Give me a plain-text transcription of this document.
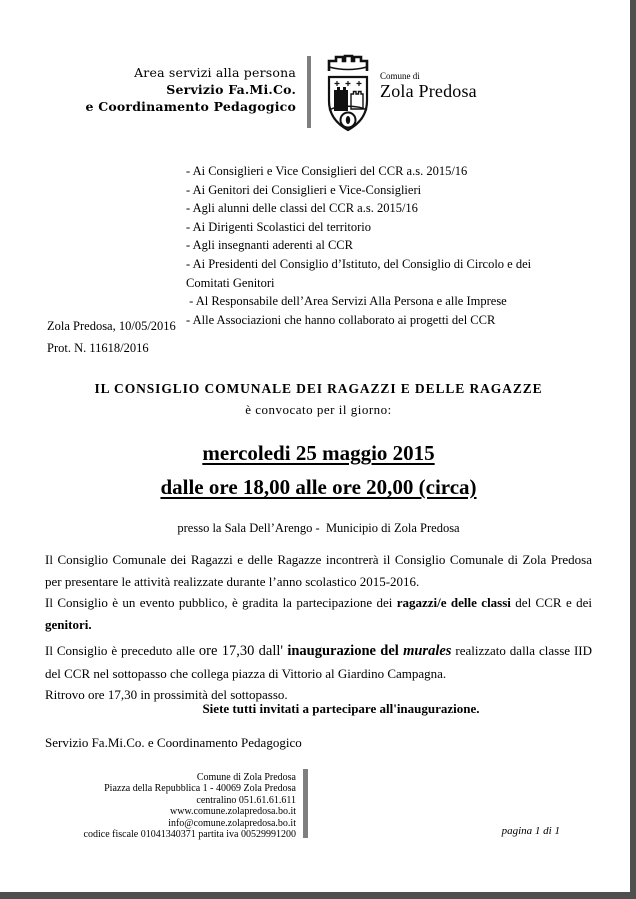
Area servizi alla persona
Servizio Fa.Mi.Co.
e Coordinamento Pedagogico
Comune di
Zola Predosa
- Ai Consiglieri e Vice Consiglieri del CCR a.s. 2015/16
- Ai Genitori dei Consiglieri e Vice-Consiglieri
- Agli alunni delle classi del CCR a.s. 2015/16
- Ai Dirigenti Scolastici del territorio
- Agli insegnanti aderenti al CCR
- Ai Presidenti del Consiglio d’Istituto, del Consiglio di Circolo e dei
Comitati Genitori
- Al Responsabile dell’Area Servizi Alla Persona e alle Imprese
- Alle Associazioni che hanno collaborato ai progetti del CCR
Zola Predosa, 10/05/2016
Prot. N. 11618/2016
IL CONSIGLIO COMUNALE DEI RAGAZZI E DELLE RAGAZZE
è convocato per il giorno:
mercoledi 25 maggio 2015
dalle ore 18,00 alle ore 20,00 (circa)
presso la Sala Dell’Arengo -  Municipio di Zola Predosa
Il Consiglio Comunale dei Ragazzi e delle Ragazze incontrerà il Consiglio Comunale di Zola Predosa per presentare le attività realizzate durante l’anno scolastico 2015-2016.
Il Consiglio è un evento pubblico, è gradita la partecipazione dei ragazzi/e delle classi del CCR e dei genitori.
Il Consiglio è preceduto alle ore 17,30 dall' inaugurazione del murales realizzato dalla classe IID del CCR nel sottopasso che collega piazza di Vittorio al Giardino Campagna.
Ritrovo ore 17,30 in prossimità del sottopasso.
Siete tutti invitati a partecipare all'inaugurazione.
Servizio Fa.Mi.Co. e Coordinamento Pedagogico
Comune di Zola Predosa
Piazza della Repubblica 1 - 40069 Zola Predosa
centralino 051.61.61.611
www.comune.zolapredosa.bo.it
info@comune.zolapredosa.bo.it
codice fiscale 01041340371 partita iva 00529991200	pagina 1 di 1
